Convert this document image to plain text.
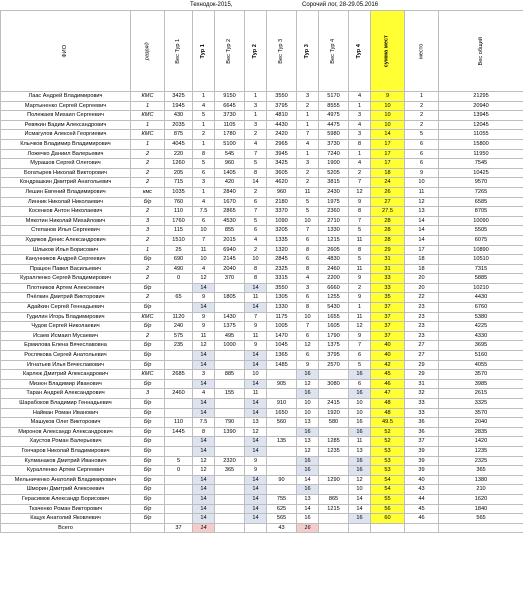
Технодок-2015,	Сорочий лог, 28-29.05.2016
ФИО	разряд	Вес Тур 1	Тур 1	Вес Тур 2	Тур 2	Вес Тур 3	Тур 3	Вес Тур 4	Тур 4	сумма мест	место	Вес общий
Лаас Андрей Владимирович	КМС	3425	1	9150	1	3550	3	5170	4	9	1	21295
Мартыненко Сергей Сергеевич	1	1945	4	6645	3	3795	2	8555	1	10	2	20940
Полежаев Михаил Сергеевич	КМС	430	5	3730	1	4810	1	4975	3	10	2	13945
Ревякин Вадим Александрович	1	2035	1	1105	3	4430	1	4475	4	10	2	12045
Исмагулов Алексей Георгиевич	КМС	875	2	1780	2	2420	7	5980	3	14	5	11055
Клычков Владимир Владимирович	1	4045	1	5100	4	2965	4	3730	8	17	6	15800
Ложечко Даниил Валерьевич	2	220	8	545	7	3945	1	7240	1	17	6	11950
Мурашов Сергей Олегович	2	1260	5	960	5	3425	3	1900	4	17	6	7545
Богатырев Николай Викторович	2	205	6	1405	8	3605	2	5205	2	18	9	10425
Кондрашкин Дмитрий Анатольевич	2	715	3	420	14	4620	2	3815	7	24	10	9570
Лешин Евгений Владимирович	кмс	1035	1	2840	2	960	11	2430	12	26	11	7265
Линник Николай Николаевич	б/р	760	4	1670	6	2180	5	1975	9	27	12	6585
Косенков Антон Николаевич	2	110	7.5	2865	7	3370	5	2360	8	27.5	13	8705
Мякотин Николай Михайлович	3	1760	6	4530	5	1090	10	2710	7	28	14	10090
Степанов Илья Сергеевич	3	115	10	855	6	3205	7	1330	5	28	14	5505
Худяков Денис Александрович	2	1510	7	2015	4	1335	6	1215	11	28	14	6075
Шлыков Илья Борисович	1	25	11	6940	2	1320	8	2605	8	29	17	10890
Канунников Андрей Сергеевич	б/р	690	10	2145	10	2845	6	4830	5	31	18	10510
Працюн Павел Васильевич	2	490	4	2040	8	2325	8	2460	11	31	18	7315
Куралленко Сергей Владимирович	2	0	12	370	8	3315	4	2200	9	33	20	5885
Плотников Артем Алексеевич	б/р		14		14	3550	3	6660	2	33	20	10210
Пчёлкин Дмитрий Викторович	2	65	9	1805	11	1305	6	1255	9	35	22	4430
Адайкин Сергей Геннадьевич	б/р		14		14	1330	8	5430	1	37	23	6760
Гудилин Игорь Владимирович	КМС	1120	9	1430	7	1175	10	1655	11	37	23	5380
Чудов Сергей Николаевич	б/р	240	9	1375	9	1005	7	1605	12	37	23	4225
Исаев Исмаил Мусаевич	2	575	11	495	11	1470	6	1790	9	37	23	4330
Ермилова Елена Вячеславовна	б/р	235	12	1000	9	1045	12	1375	7	40	27	3695
Рослякова Сергей Анатольевич	б/р		14		14	1365	6	3795	6	40	27	5160
Игнатьев Илья Вячеславович	б/р		14		14	1485	9	2570	5	42	29	4055
Карлюк Дмитрий Александрович	КМС	2685	3	885	10		16		16	45	29	3570
Мизюн Владимир Иванович	б/р		14		14	905	12	3080	6	46	31	3985
Таран Андрей Александрович	3	2460	4	155	11		16		16	47	32	2615
Шарабоков Владимир Геннадьевич	б/р		14		14	910	10	2415	10	48	33	3325
Найман Роман Иванович	б/р		14		14	1650	10	1920	10	48	33	3570
Машуков Олег Викторович	б/р	110	7.5	790	13	560	13	580	16	49.5	36	2040
Миронов Александр Александрович	б/р	1445	8	1390	12		16		16	52	36	2835
Хаустов Роман Валерьевич	б/р		14		14	135	13	1285	11	52	37	1420
Гончаров Николай Владимирович	б/р		14		14		12	1235	13	53	39	1235
Кулманаков Дмитрий Иванович	б/р	5	12	2320	9		16		16	53	39	2325
Куралленко Артем Сергеевич	б/р	0	12	365	9		16		16	53	39	365
Мельниченко Анатолий Владимирович	б/р		14		14	90	14	1290	12	54	40	1380
Шморин Дмитрий Алексеевич	б/р		14		14		16		10	54	43	210
Герасимов Александр Борисович	б/р		14		14	755	13	865	14	55	44	1620
Ткаченко Роман Викторович	б/р		14		14	625	14	1215	14	56	45	1840
Кацук Анатолий Яковлевич	б/р		14		14	565	16		16	60	46	565
Всего		37	14			43	16					
